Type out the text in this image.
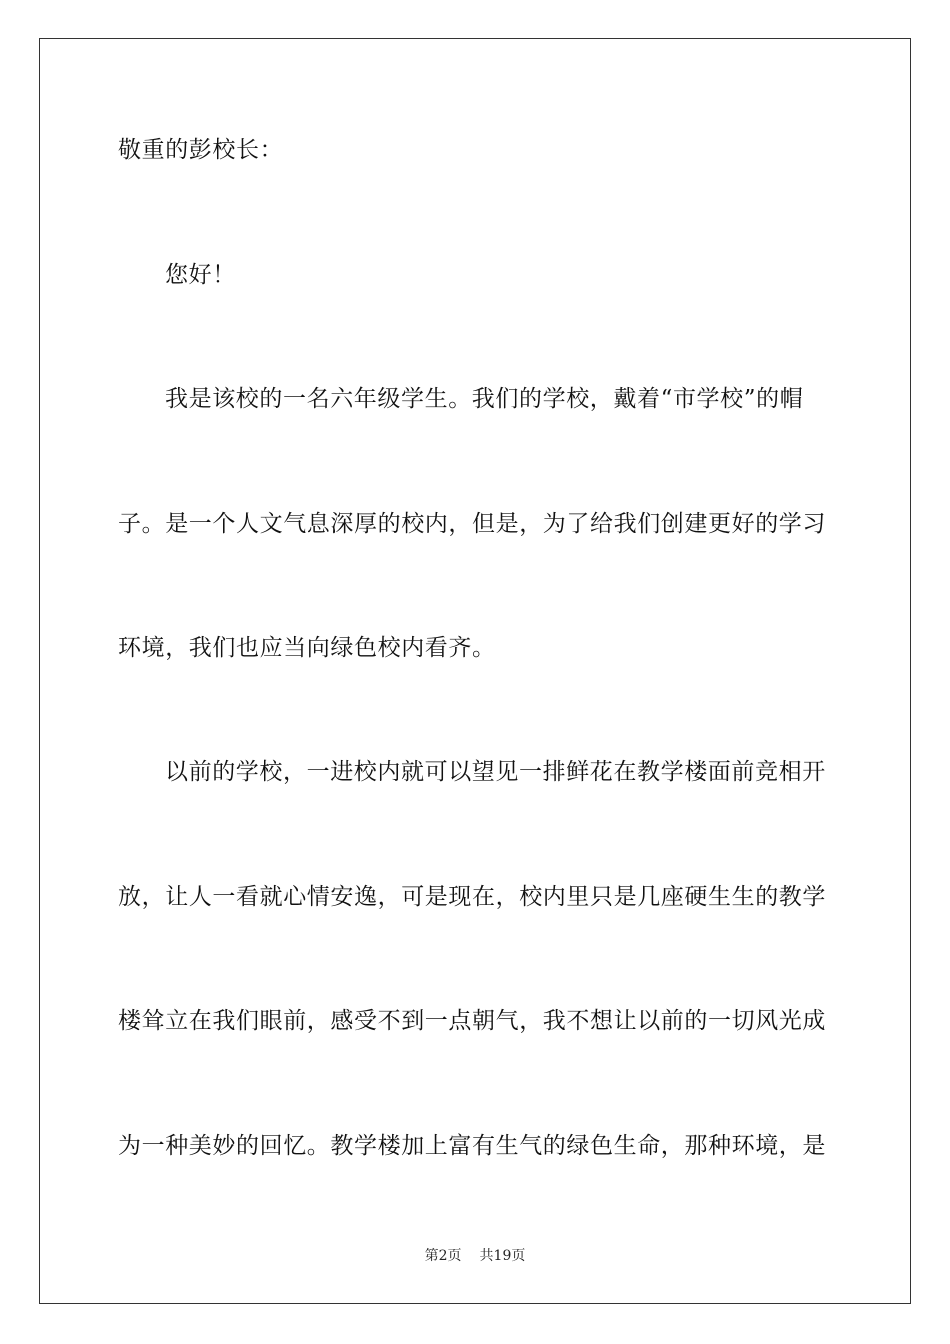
敬重的彭校长：
您好！
我是该校的一名六年级学生。我们的学校，戴着“市学校”的帽
子。是一个人文气息深厚的校内，但是，为了给我们创建更好的学习
环境，我们也应当向绿色校内看齐。
以前的学校，一进校内就可以望见一排鲜花在教学楼面前竞相开
放，让人一看就心情安逸，可是现在，校内里只是几座硬生生的教学
楼耸立在我们眼前，感受不到一点朝气，我不想让以前的一切风光成
为一种美妙的回忆。教学楼加上富有生气的绿色生命，那种环境，是
第2页 共19页
